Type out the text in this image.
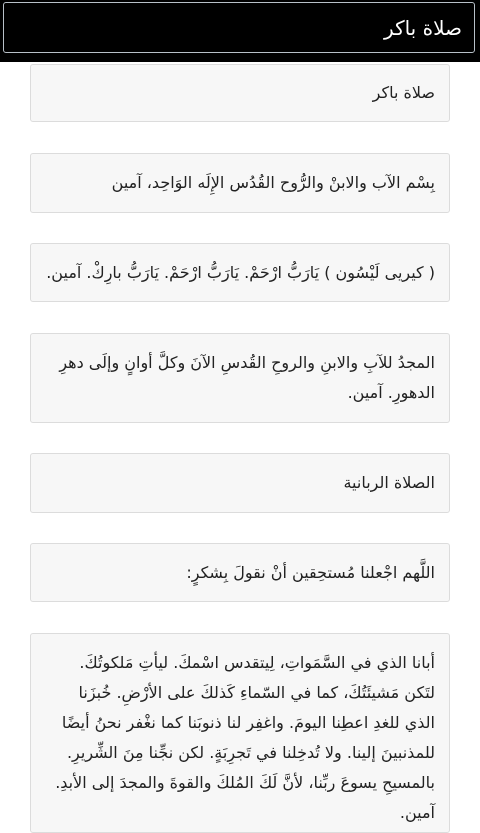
صلاة باكر
صلاة باكر
بِسْم الآب والابنْ والرُّوح القُدُس الإِلَه الوَاحِد، آمين
( كيريى لَيْسُون ) يَارَبُّ ارْحَمْ. يَارَبُّ ارْحَمْ. يَارَبُّ بارِكْ. آمين.
المجدُ للآبِ والابنِ والروحِ القُدسِ الآنَ وكلَّ أوانٍ وإلَى دهرِ الدهورِ. آمين.
الصلاة الربانية
اللَّهم اجْعلنا مُستحِقين أنْ نقولَ بِشكرٍ:
أبانا الذي في السَّمَواتِ، لِيتقدس اسْمكَ. ليأتِ مَلكوتُكَ. لتَكن مَشيئَتُكَ، كما في السّماءِ كَذلكَ على الأرْضِ. خُبزَنا الذي للغدِ اعطِنا اليومَ. واغفِر لنا ذنوبَنا كما نغْفر نحنُ أيضًا للمذنبينَ إلينا. ولا تُدخِلنا في تَجرِبَةٍ. لكن نجِّنا مِنَ الشِّريرِ. بالمسيحِ يسوعَ ربِّنا، لأنَّ لَكَ المُلكَ والقوةَ والمجدَ إلى الأبدِ. آمين.
